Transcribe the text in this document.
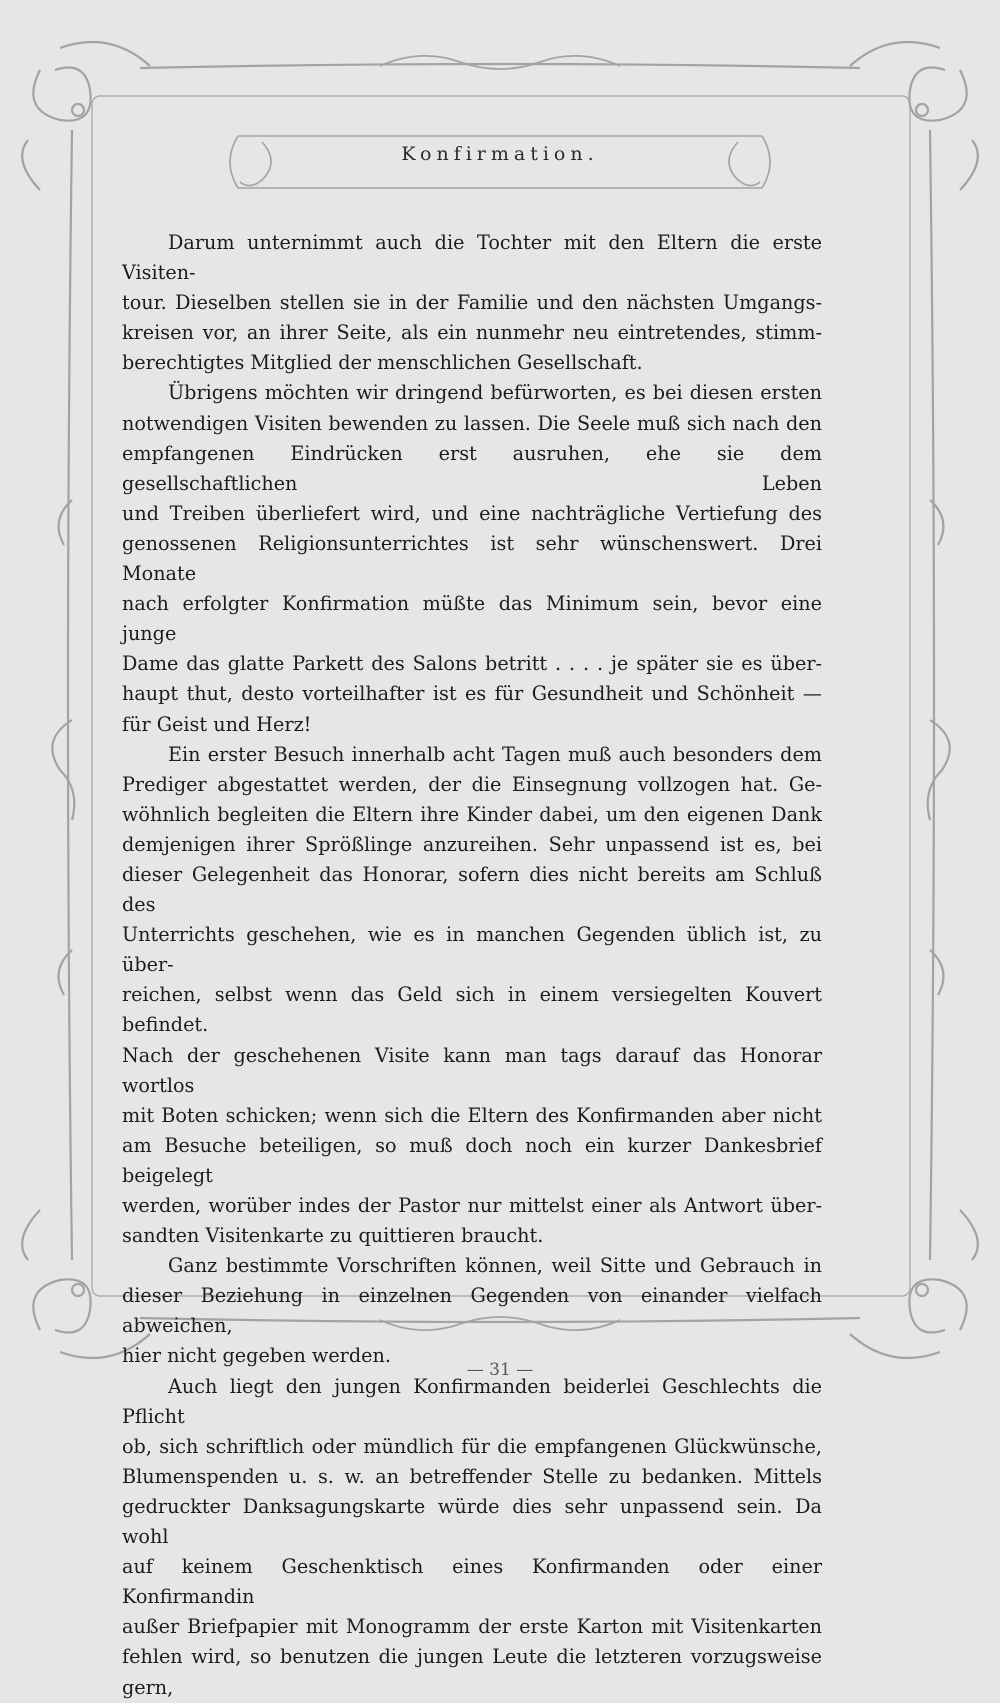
Konfirmation.
Darum unternimmt auch die Tochter mit den Eltern die erste Visiten-
tour. Dieselben stellen sie in der Familie und den nächsten Umgangs-
kreisen vor, an ihrer Seite, als ein nunmehr neu eintretendes, stimm-
berechtigtes Mitglied der menschlichen Gesellschaft.
Übrigens möchten wir dringend befürworten, es bei diesen ersten
notwendigen Visiten bewenden zu lassen. Die Seele muß sich nach den
empfangenen Eindrücken erst ausruhen, ehe sie dem gesellschaftlichen Leben
und Treiben überliefert wird, und eine nachträgliche Vertiefung des
genossenen Religionsunterrichtes ist sehr wünschenswert. Drei Monate
nach erfolgter Konfirmation müßte das Minimum sein, bevor eine junge
Dame das glatte Parkett des Salons betritt . . . . je später sie es über-
haupt thut, desto vorteilhafter ist es für Gesundheit und Schönheit —
für Geist und Herz!
Ein erster Besuch innerhalb acht Tagen muß auch besonders dem
Prediger abgestattet werden, der die Einsegnung vollzogen hat. Ge-
wöhnlich begleiten die Eltern ihre Kinder dabei, um den eigenen Dank
demjenigen ihrer Sprößlinge anzureihen. Sehr unpassend ist es, bei
dieser Gelegenheit das Honorar, sofern dies nicht bereits am Schluß des
Unterrichts geschehen, wie es in manchen Gegenden üblich ist, zu über-
reichen, selbst wenn das Geld sich in einem versiegelten Kouvert befindet.
Nach der geschehenen Visite kann man tags darauf das Honorar wortlos
mit Boten schicken; wenn sich die Eltern des Konfirmanden aber nicht
am Besuche beteiligen, so muß doch noch ein kurzer Dankesbrief beigelegt
werden, worüber indes der Pastor nur mittelst einer als Antwort über-
sandten Visitenkarte zu quittieren braucht.
Ganz bestimmte Vorschriften können, weil Sitte und Gebrauch in
dieser Beziehung in einzelnen Gegenden von einander vielfach abweichen,
hier nicht gegeben werden.
Auch liegt den jungen Konfirmanden beiderlei Geschlechts die Pflicht
ob, sich schriftlich oder mündlich für die empfangenen Glückwünsche,
Blumenspenden u. s. w. an betreffender Stelle zu bedanken. Mittels
gedruckter Danksagungskarte würde dies sehr unpassend sein. Da wohl
auf keinem Geschenktisch eines Konfirmanden oder einer Konfirmandin
außer Briefpapier mit Monogramm der erste Karton mit Visitenkarten
fehlen wird, so benutzen die jungen Leute die letzteren vorzugsweise gern,
— 31 —
